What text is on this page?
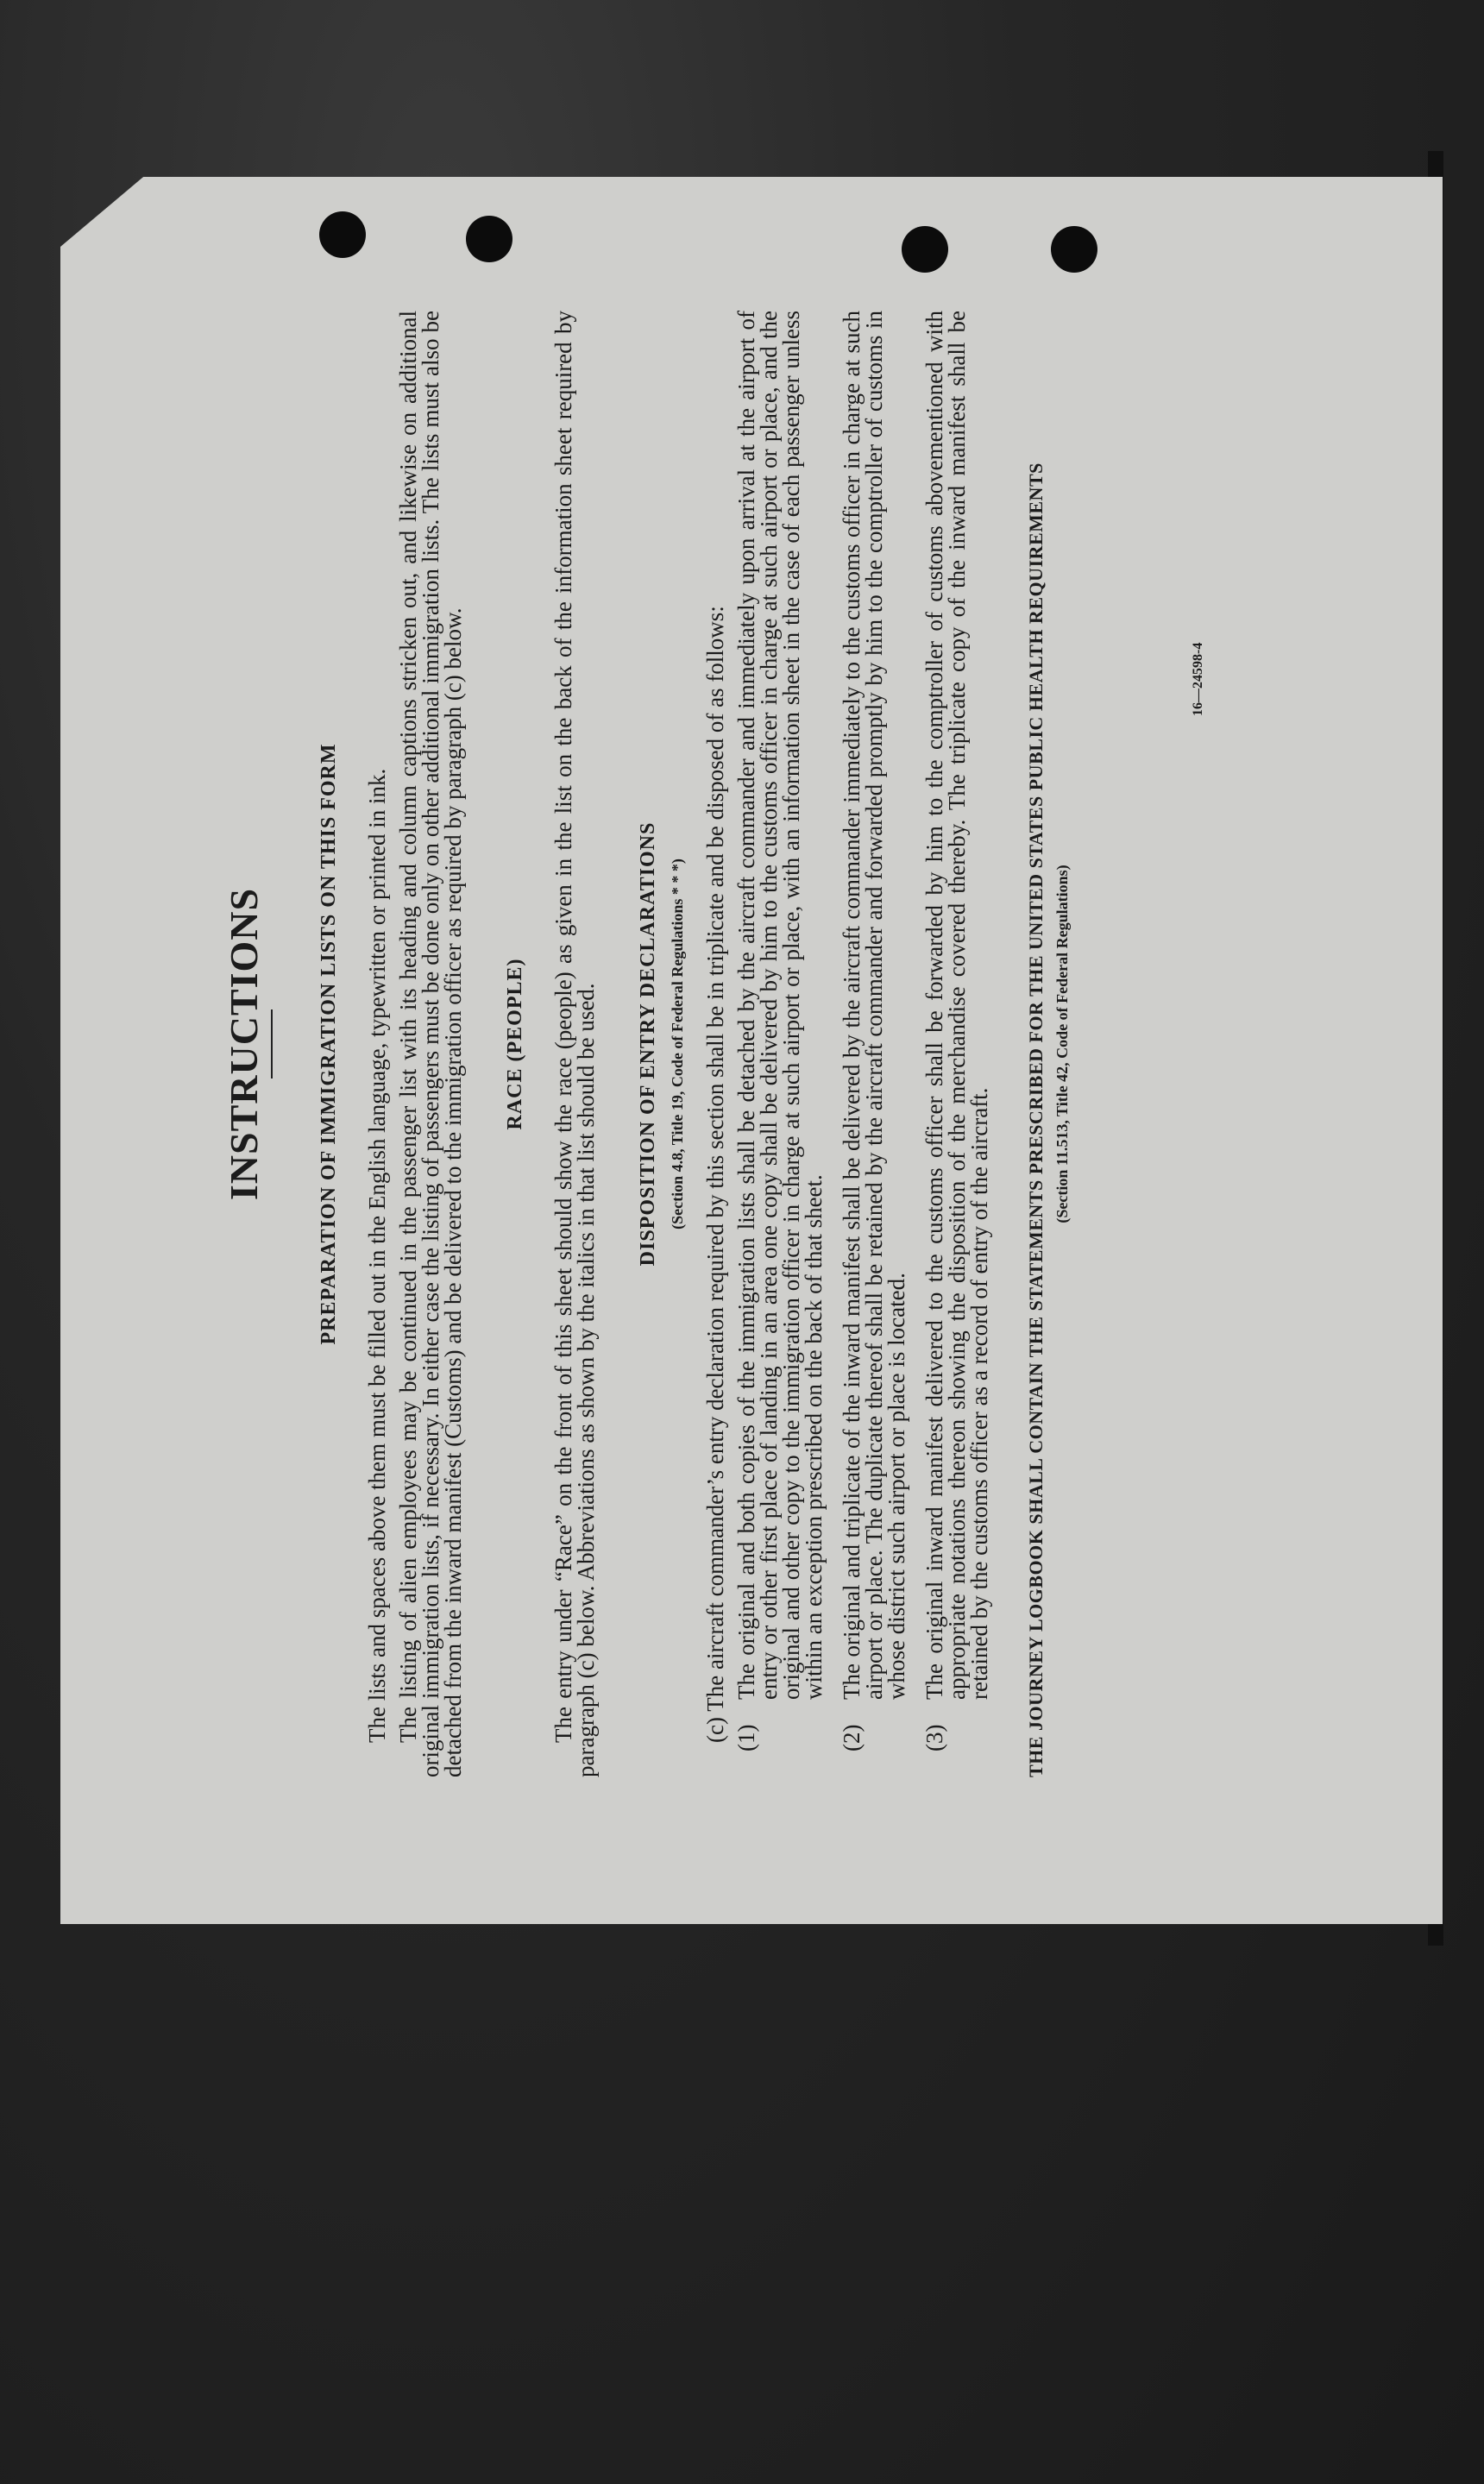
INSTRUCTIONS	PREPARATION OF IMMIGRATION LISTS ON THIS FORM The lists and spaces above them must be filled out in the English language, typewritten or printed in ink. The listing of alien employees may be continued in the passenger list with its heading and column captions stricken out, and likewise on additional original immigration lists, if necessary. In either case the listing of passengers must be done only on other additional immigration lists. The lists must also be detached from the inward manifest (Customs) and be delivered to the immigration officer as required by paragraph (c) below. RACE (PEOPLE) The entry under “Race” on the front of this sheet should show the race (people) as given in the list on the back of the information sheet required by paragraph (c) below. Abbreviations as shown by the italics in that list should be used. DISPOSITION OF ENTRY DECLARATIONS (Section 4.8, Title 19, Code of Federal Regulations * * *) (c) The aircraft commander’s entry declaration required by this section shall be in triplicate and be disposed of as follows: (1)
The original and both copies of the immigration lists shall be detached by the aircraft commander and immediately upon arrival at the airport of entry or other first place of landing in an area one copy shall be delivered by him to the customs officer in charge at such airport or place, and the original and other copy to the immigration officer in charge at such airport or place, with an information sheet in the case of each passenger unless within an exception prescribed on the back of that sheet.
(2)
The original and triplicate of the inward manifest shall be delivered by the aircraft commander immediately to the customs officer in charge at such airport or place. The duplicate thereof shall be retained by the aircraft commander and forwarded promptly by him to the comptroller of customs in whose district such airport or place is located.
(3)
The original inward manifest delivered to the customs officer shall be forwarded by him to the comptroller of customs abovementioned with appropriate notations thereon showing the disposition of the merchandise covered thereby. The triplicate copy of the inward manifest shall be retained by the customs officer as a record of entry of the aircraft. THE JOURNEY LOGBOOK SHALL CONTAIN THE STATEMENTS PRESCRIBED FOR THE UNITED STATES PUBLIC HEALTH REQUIREMENTS (Section 11.513, Title 42, Code of Federal Regulations)
16—24598-4
